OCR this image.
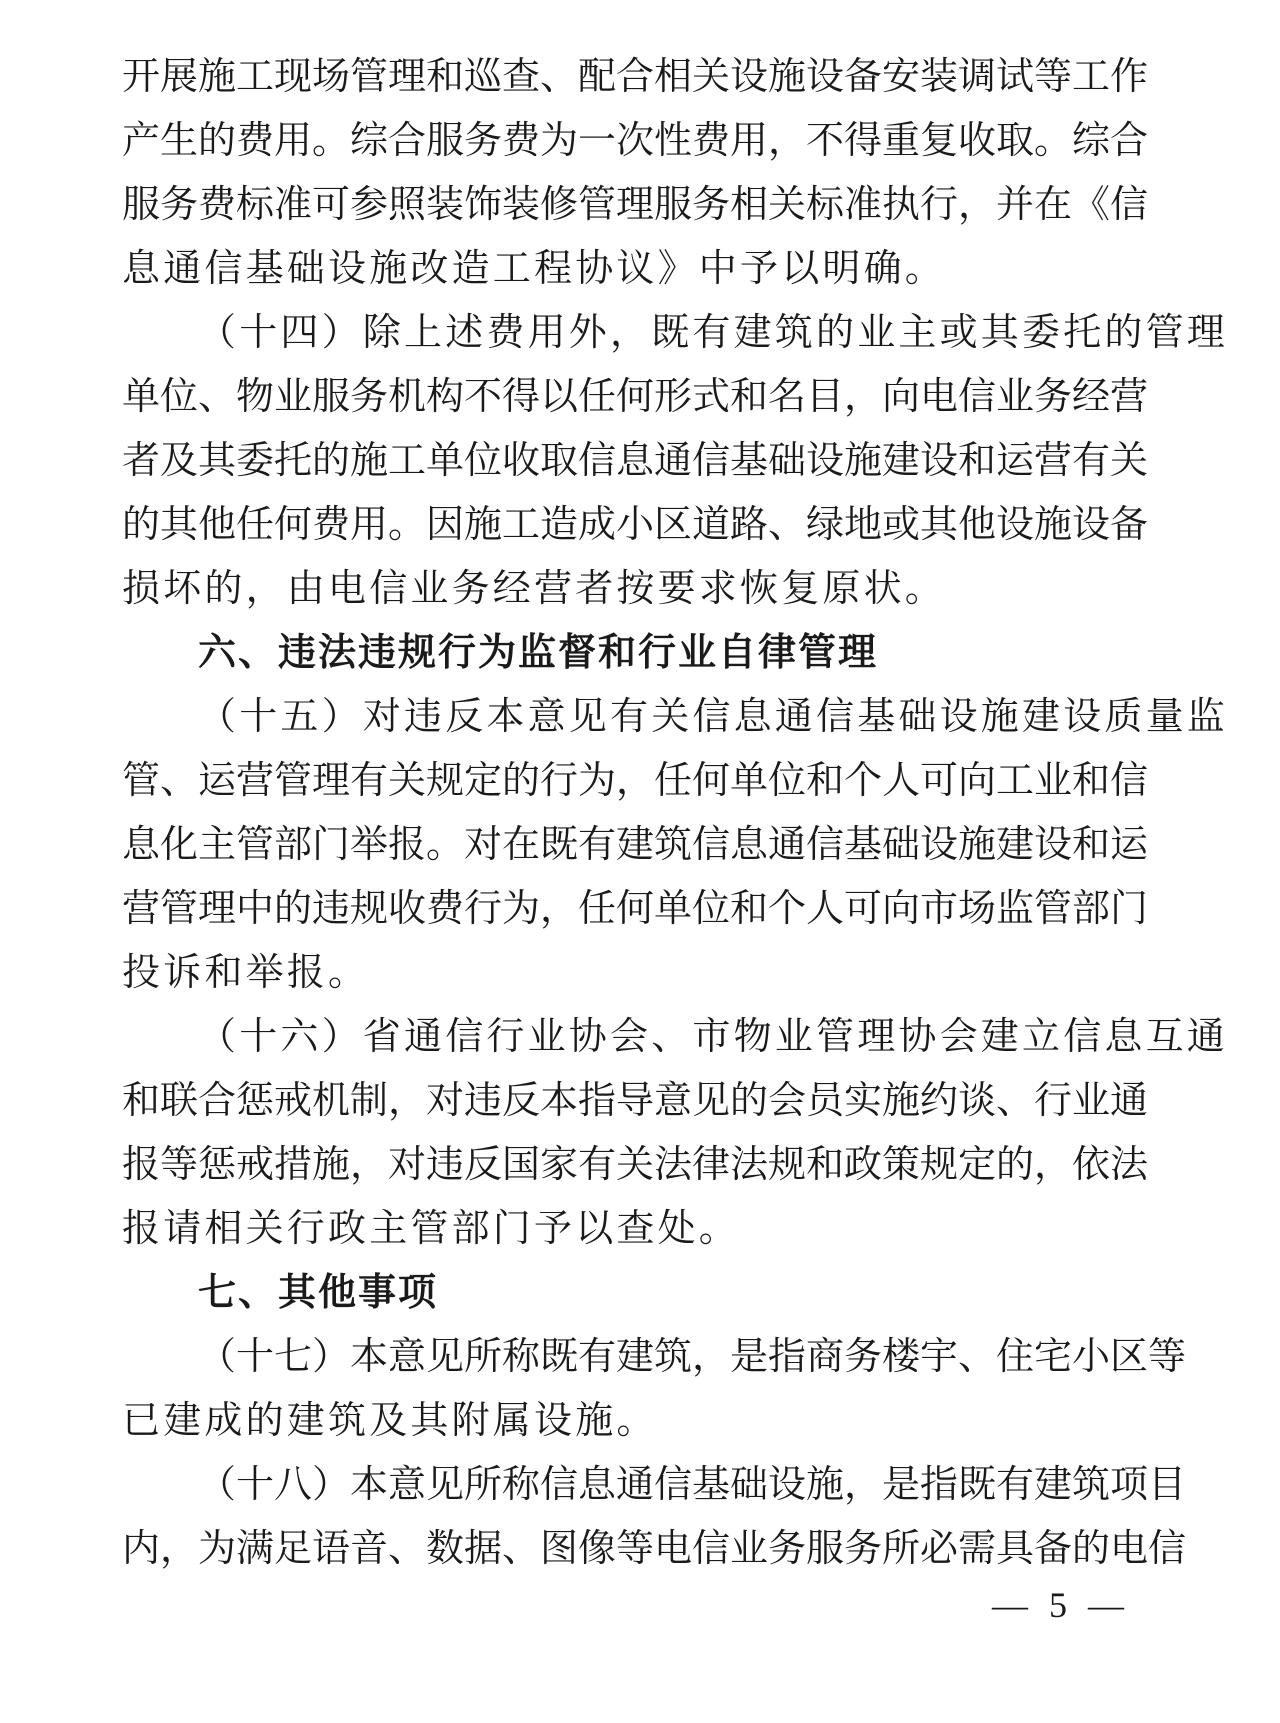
开展施工现场管理和巡查、配合相关设施设备安装调试等工作
产生的费用。综合服务费为一次性费用，不得重复收取。综合
服务费标准可参照装饰装修管理服务相关标准执行，并在《信
息通信基础设施改造工程协议》中予以明确。
（十四）除上述费用外，既有建筑的业主或其委托的管理
单位、物业服务机构不得以任何形式和名目，向电信业务经营
者及其委托的施工单位收取信息通信基础设施建设和运营有关
的其他任何费用。因施工造成小区道路、绿地或其他设施设备
损坏的，由电信业务经营者按要求恢复原状。
六、违法违规行为监督和行业自律管理
（十五）对违反本意见有关信息通信基础设施建设质量监
管、运营管理有关规定的行为，任何单位和个人可向工业和信
息化主管部门举报。对在既有建筑信息通信基础设施建设和运
营管理中的违规收费行为，任何单位和个人可向市场监管部门
投诉和举报。
（十六）省通信行业协会、市物业管理协会建立信息互通
和联合惩戒机制，对违反本指导意见的会员实施约谈、行业通
报等惩戒措施，对违反国家有关法律法规和政策规定的，依法
报请相关行政主管部门予以查处。
七、其他事项
（十七）本意见所称既有建筑，是指商务楼宇、住宅小区等
已建成的建筑及其附属设施。
（十八）本意见所称信息通信基础设施，是指既有建筑项目
内，为满足语音、数据、图像等电信业务服务所必需具备的电信
— 5 —
